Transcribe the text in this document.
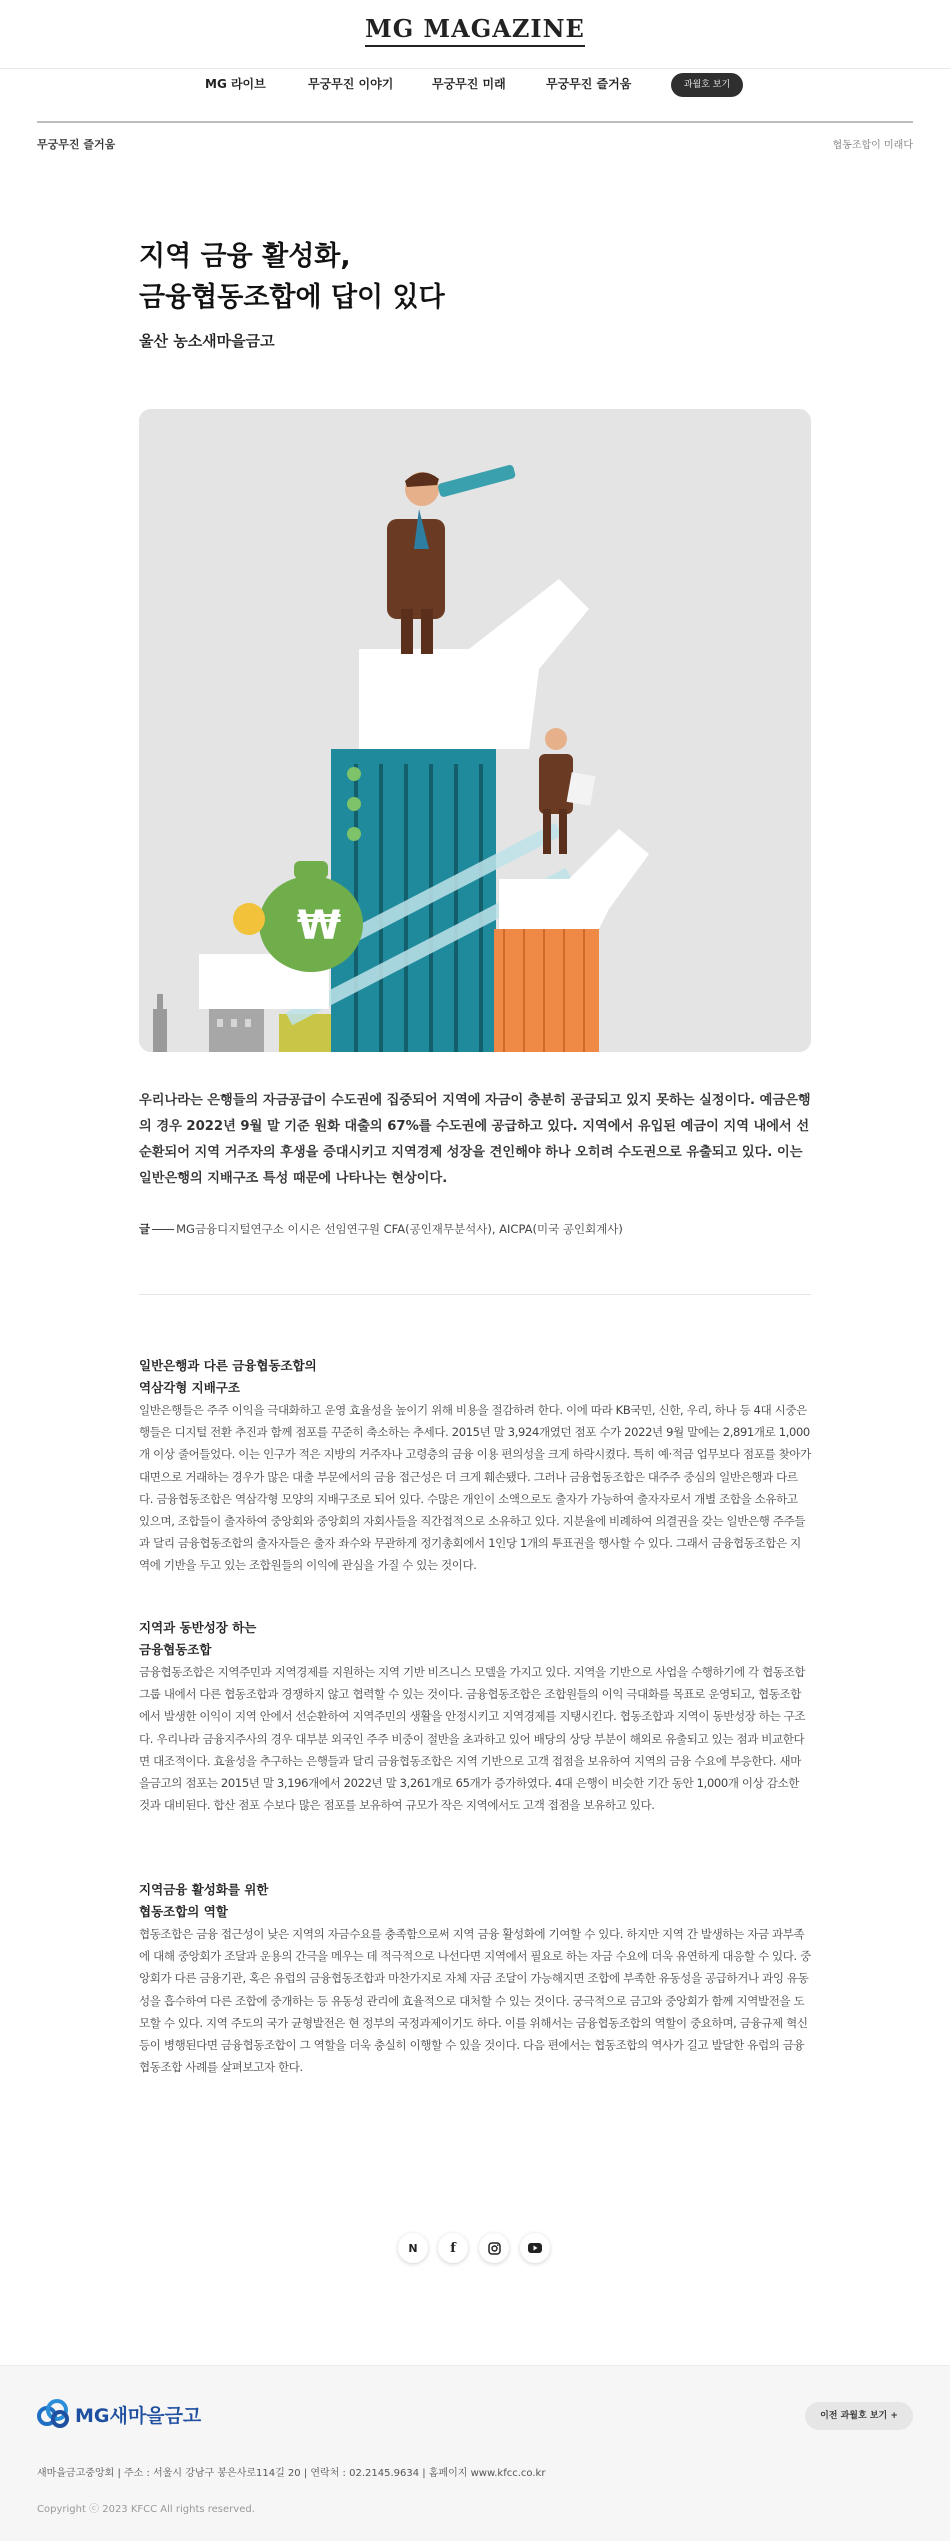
MG MAGAZINE
MG 라이브	무궁무진 이야기	무궁무진 미래	무궁무진 즐거움	과월호 보기
무궁무진 즐거움	협동조합이 미래다
지역 금융 활성화,
금융협동조합에 답이 있다
울산 농소새마을금고
₩

우리나라는 은행들의 자금공급이 수도권에 집중되어 지역에 자금이 충분히 공급되고 있지 못하는 실정이다. 예금은행의 경우 2022년 9월 말 기준 원화 대출의 67%를 수도권에 공급하고 있다. 지역에서 유입된 예금이 지역 내에서 선순환되어 지역 거주자의 후생을 증대시키고 지역경제 성장을 견인해야 하나 오히려 수도권으로 유출되고 있다. 이는 일반은행의 지배구조 특성 때문에 나타나는 현상이다.

글 MG금융디지털연구소 이시은 선임연구원 CFA(공인재무분석사), AICPA(미국 공인회계사)
일반은행과 다른 금융협동조합의
역삼각형 지배구조

일반은행들은 주주 이익을 극대화하고 운영 효율성을 높이기 위해 비용을 절감하려 한다. 이에 따라 KB국민, 신한, 우리, 하나 등 4대 시중은행들은 디지털 전환 추진과 함께 점포를 꾸준히 축소하는 추세다. 2015년 말 3,924개였던 점포 수가 2022년 9월 말에는 2,891개로 1,000개 이상 줄어들었다. 이는 인구가 적은 지방의 거주자나 고령층의 금융 이용 편의성을 크게 하락시켰다. 특히 예·적금 업무보다 점포를 찾아가 대면으로 거래하는 경우가 많은 대출 부문에서의 금융 접근성은 더 크게 훼손됐다. 그러나 금융협동조합은 대주주 중심의 일반은행과 다르다. 금융협동조합은 역삼각형 모양의 지배구조로 되어 있다. 수많은 개인이 소액으로도 출자가 가능하여 출자자로서 개별 조합을 소유하고 있으며, 조합들이 출자하여 중앙회와 중앙회의 자회사들을 직간접적으로 소유하고 있다. 지분율에 비례하여 의결권을 갖는 일반은행 주주들과 달리 금융협동조합의 출자자들은 출자 좌수와 무관하게 정기총회에서 1인당 1개의 투표권을 행사할 수 있다. 그래서 금융협동조합은 지역에 기반을 두고 있는 조합원들의 이익에 관심을 가질 수 있는 것이다.

지역과 동반성장 하는
금융협동조합

금융협동조합은 지역주민과 지역경제를 지원하는 지역 기반 비즈니스 모델을 가지고 있다. 지역을 기반으로 사업을 수행하기에 각 협동조합 그룹 내에서 다른 협동조합과 경쟁하지 않고 협력할 수 있는 것이다. 금융협동조합은 조합원들의 이익 극대화를 목표로 운영되고, 협동조합에서 발생한 이익이 지역 안에서 선순환하여 지역주민의 생활을 안정시키고 지역경제를 지탱시킨다. 협동조합과 지역이 동반성장 하는 구조다. 우리나라 금융지주사의 경우 대부분 외국인 주주 비중이 절반을 초과하고 있어 배당의 상당 부분이 해외로 유출되고 있는 점과 비교한다면 대조적이다. 효율성을 추구하는 은행들과 달리 금융협동조합은 지역 기반으로 고객 접점을 보유하여 지역의 금융 수요에 부응한다. 새마을금고의 점포는 2015년 말 3,196개에서 2022년 말 3,261개로 65개가 증가하였다. 4대 은행이 비슷한 기간 동안 1,000개 이상 감소한 것과 대비된다. 합산 점포 수보다 많은 점포를 보유하여 규모가 작은 지역에서도 고객 접점을 보유하고 있다.

지역금융 활성화를 위한
협동조합의 역할

협동조합은 금융 접근성이 낮은 지역의 자금수요를 충족함으로써 지역 금융 활성화에 기여할 수 있다. 하지만 지역 간 발생하는 자금 과부족에 대해 중앙회가 조달과 운용의 간극을 메우는 데 적극적으로 나선다면 지역에서 필요로 하는 자금 수요에 더욱 유연하게 대응할 수 있다. 중앙회가 다른 금융기관, 혹은 유럽의 금융협동조합과 마찬가지로 자체 자금 조달이 가능해지면 조합에 부족한 유동성을 공급하거나 과잉 유동성을 흡수하여 다른 조합에 중개하는 등 유동성 관리에 효율적으로 대처할 수 있는 것이다. 궁극적으로 금고와 중앙회가 함께 지역발전을 도모할 수 있다. 지역 주도의 국가 균형발전은 현 정부의 국정과제이기도 하다. 이를 위해서는 금융협동조합의 역할이 중요하며, 금융규제 혁신 등이 병행된다면 금융협동조합이 그 역할을 더욱 충실히 이행할 수 있을 것이다. 다음 편에서는 협동조합의 역사가 길고 발달한 유럽의 금융협동조합 사례를 살펴보고자 한다.

N	f
MG새마을금고	이전 과월호 보기 +
새마을금고중앙회 | 주소 : 서울시 강남구 봉은사로114길 20 | 연락처 : 02.2145.9634 | 홈페이지 www.kfcc.co.kr
Copyright ⓒ 2023 KFCC All rights reserved.
